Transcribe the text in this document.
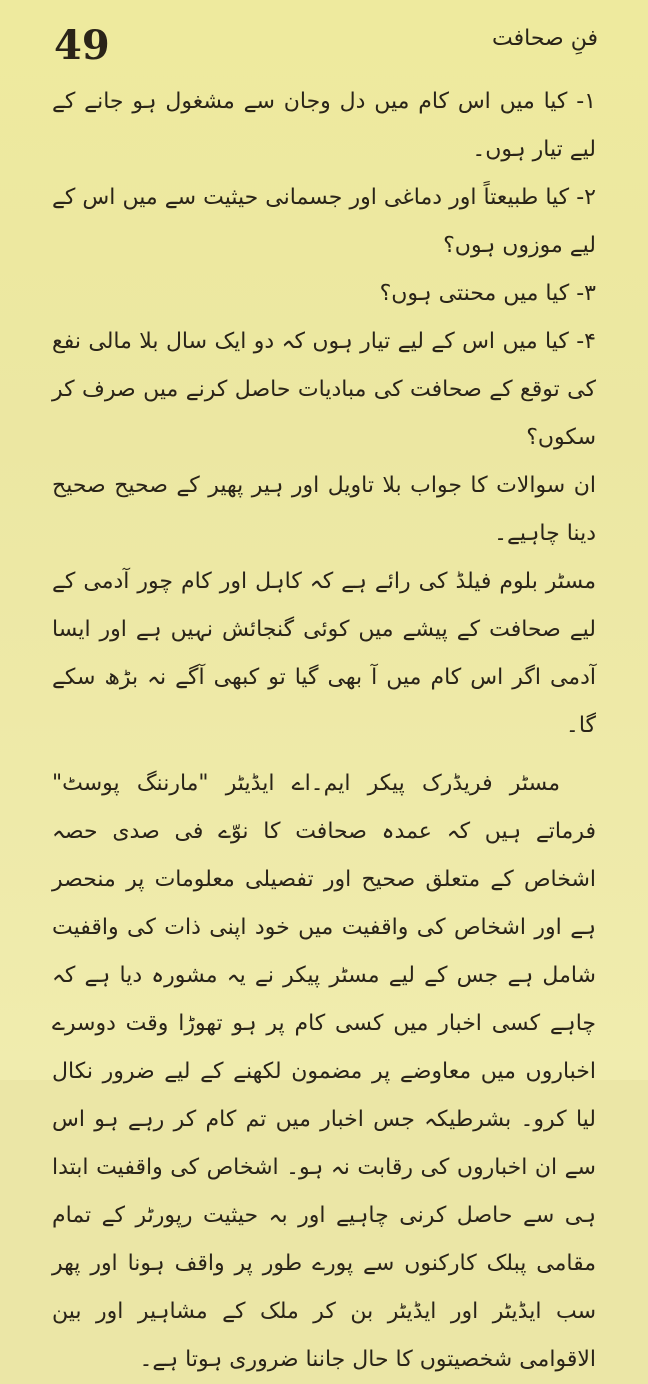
49	فنِ صحافت

۱- کیا میں اس کام میں دل وجان سے مشغول ہو جانے کے لیے تیار ہوں۔

۲- کیا طبیعتاً اور دماغی اور جسمانی حیثیت سے میں اس کے لیے موزوں ہوں؟

۳- کیا میں محنتی ہوں؟

۴- کیا میں اس کے لیے تیار ہوں کہ دو ایک سال بلا مالی نفع کی توقع کے صحافت کی مبادیات حاصل کرنے میں صرف کر سکوں؟

ان سوالات کا جواب بلا تاویل اور ہیر پھیر کے صحیح صحیح دینا چاہیے۔

مسٹر بلوم فیلڈ کی رائے ہے کہ کاہل اور کام چور آدمی کے لیے صحافت کے پیشے میں کوئی گنجائش نہیں ہے اور ایسا آدمی اگر اس کام میں آ بھی گیا تو کبھی آگے نہ بڑھ سکے گا۔

مسٹر فریڈرک پیکر ایم۔اے ایڈیٹر "مارننگ پوسٹ" فرماتے ہیں کہ عمدہ صحافت کا نوّے فی صدی حصہ اشخاص کے متعلق صحیح اور تفصیلی معلومات پر منحصر ہے اور اشخاص کی واقفیت میں خود اپنی ذات کی واقفیت شامل ہے جس کے لیے مسٹر پیکر نے یہ مشورہ دیا ہے کہ چاہے کسی اخبار میں کسی کام پر ہو تھوڑا وقت دوسرے اخباروں میں معاوضے پر مضمون لکھنے کے لیے ضرور نکال لیا کرو۔ بشرطیکہ جس اخبار میں تم کام کر رہے ہو اس سے ان اخباروں کی رقابت نہ ہو۔ اشخاص کی واقفیت ابتدا ہی سے حاصل کرنی چاہیے اور بہ حیثیت رپورٹر کے تمام مقامی پبلک کارکنوں سے پورے طور پر واقف ہونا اور پھر سب ایڈیٹر اور ایڈیٹر بن کر ملک کے مشاہیر اور بین الاقوامی شخصیتوں کا حال جاننا ضروری ہوتا ہے۔
